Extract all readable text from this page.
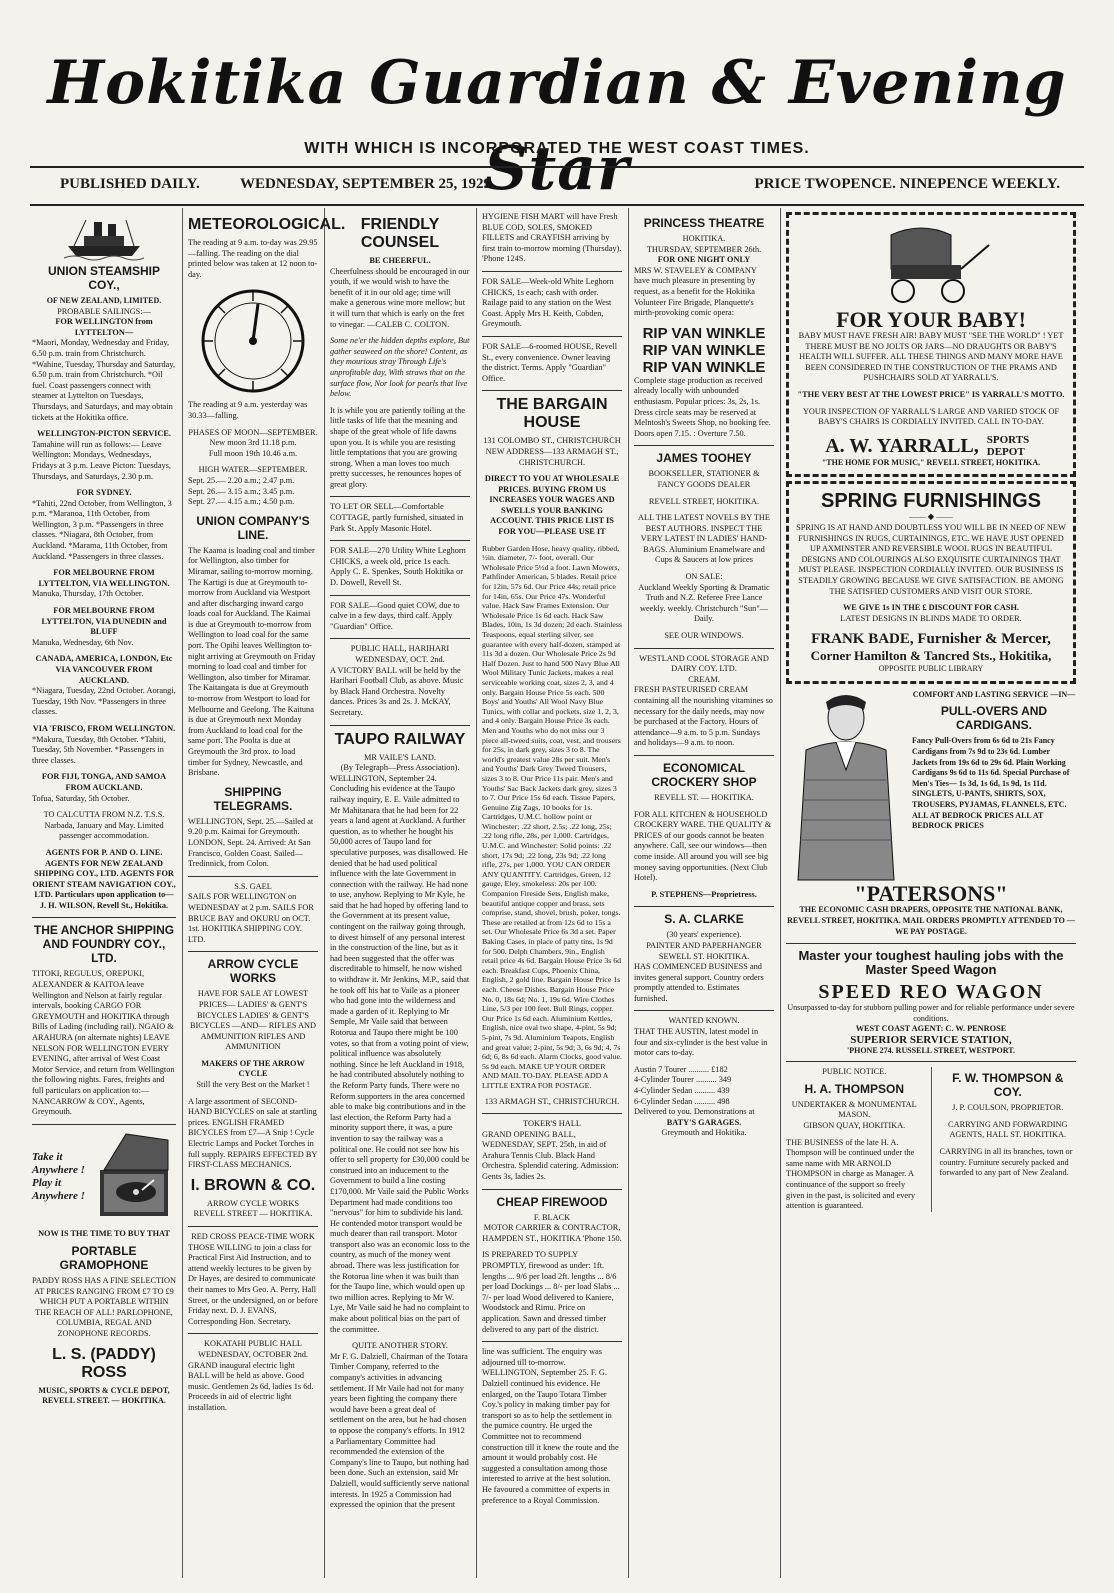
Hokitika Guardian & Evening Star
WITH WHICH IS INCORPORATED THE WEST COAST TIMES.
PUBLISHED DAILY.	WEDNESDAY, SEPTEMBER 25, 1929.	PRICE TWOPENCE. NINEPENCE WEEKLY.
UNION STEAMSHIP COY.,
OF NEW ZEALAND, LIMITED.
PROBABLE SAILINGS:—
FOR WELLINGTON from LYTTELTON—
*Maori, Monday, Wednesday and Friday, 6.50 p.m. train from Christchurch. *Wahine, Tuesday, Thursday and Saturday, 6.50 p.m. train from Christchurch. *Oil fuel. Coast passengers connect with steamer at Lyttelton on Tuesdays, Thursdays, and Saturdays, and may obtain tickets at the Hokitika office.
WELLINGTON-PICTON SERVICE.
Tamahine will run as follows:— Leave Wellington: Mondays, Wednesdays, Fridays at 3 p.m. Leave Picton: Tuesdays, Thursdays, and Saturdays, 2.30 p.m.
FOR SYDNEY.
*Tahiti, 22nd October, from Wellington, 3 p.m. *Maranoa, 11th October, from Wellington, 3 p.m. *Passengers in three classes. *Niagara, 8th October, from Auckland. *Marama, 11th October, from Auckland. *Passengers in three classes.
FOR MELBOURNE FROM LYTTELTON, VIA WELLINGTON.
Manuka, Thursday, 17th October.
FOR MELBOURNE FROM LYTTELTON, VIA DUNEDIN and BLUFF
Manuka, Wednesday, 6th Nov.
CANADA, AMERICA, LONDON, Etc VIA VANCOUVER FROM AUCKLAND.
*Niagara, Tuesday, 22nd October. Aorangi, Tuesday, 19th Nov. *Passengers in three classes.
VIA 'FRISCO, FROM WELLINGTON.
*Makura, Tuesday, 8th October. *Tahiti, Tuesday, 5th November. *Passengers in three classes.
FOR FIJI, TONGA, AND SAMOA FROM AUCKLAND.
Tofua, Saturday, 5th October.
TO CALCUTTA FROM N.Z. T.S.S. Narbada, January and May. Limited passenger accommodation.
AGENTS FOR P. AND O. LINE. AGENTS FOR NEW ZEALAND SHIPPING COY., LTD. AGENTS FOR ORIENT STEAM NAVIGATION COY., LTD. Particulars upon application to— J. H. WILSON, Revell St., Hokitika.
THE ANCHOR SHIPPING AND FOUNDRY COY., LTD.
TITOKI, REGULUS, OREPUKI, ALEXANDER & KAITOA leave Wellington and Nelson at fairly regular intervals, booking CARGO FOR GREYMOUTH and HOKITIKA through Bills of Lading (including rail). NGAIO & ARAHURA (on alternate nights) LEAVE NELSON FOR WELLINGTON EVERY EVENING, after arrival of West Coast Motor Service, and return from Wellington the following nights. Fares, freights and full particulars on application to:— NANCARROW & COY., Agents, Greymouth.
Take it Anywhere ! Play it Anywhere !
NOW IS THE TIME TO BUY THAT
PORTABLE GRAMOPHONE
PADDY ROSS HAS A FINE SELECTION AT PRICES RANGING FROM £7 TO £9 WHICH PUT A PORTABLE WITHIN THE REACH OF ALL! PARLOPHONE, COLUMBIA, REGAL AND ZONOPHONE RECORDS.
L. S. (PADDY) ROSS
MUSIC, SPORTS & CYCLE DEPOT, REVELL STREET. — HOKITIKA.
METEOROLOGICAL.
The reading at 9 a.m. to-day was 29.95—falling. The reading on the dial printed below was taken at 12 noon to-day.
The reading at 9 a.m. yesterday was 30.33—falling.
PHASES OF MOON—SEPTEMBER.
New moon 3rd 11.18 p.m.
Full moon 19th 10.46 a.m.
HIGH WATER—SEPTEMBER.
Sept. 25.— 2.20 a.m.; 2.47 p.m.
Sept. 26.— 3.15 a.m.; 3.45 p.m.
Sept. 27.— 4.15 a.m.; 4.50 p.m.
UNION COMPANY'S LINE.
The Kaama is loading coal and timber for Wellington, also timber for Miramar, sailing to-morrow morning. The Kartigi is due at Greymouth to-morrow from Auckland via Westport and after discharging inward cargo loads coal for Auckland. The Kaimai is due at Greymouth to-morrow from Wellington to load coal for the same port. The Opihi leaves Wellington to-night arriving at Greymouth on Friday morning to load coal and timber for Wellington, also timber for Miramar. The Kaitangata is due at Greymouth to-morrow from Westport to load for Melbourne and Geelong. The Kaituna is due at Greymouth next Monday from Auckland to load coal for the same port. The Poolta is due at Greymouth the 3rd prox. to load timber for Sydney, Newcastle, and Brisbane.
SHIPPING TELEGRAMS.
WELLINGTON, Sept. 25.—Sailed at 9.20 p.m. Kaimai for Greymouth. LONDON, Sept. 24. Arrived: At San Francisco, Golden Coast. Sailed—Tredinnick, from Colon.
S.S. GAEL
SAILS FOR WELLINGTON on WEDNESDAY at 2 p.m. SAILS FOR BRUCE BAY and OKURU on OCT. 1st. HOKITIKA SHIPPING COY. LTD.
ARROW CYCLE WORKS
HAVE FOR SALE AT LOWEST PRICES— LADIES' & GENT'S BICYCLES LADIES' & GENT'S BICYCLES —AND— RIFLES AND AMMUNITION RIFLES AND AMMUNITION
MAKERS OF THE ARROW CYCLE
Still the very Best on the Market !
A large assortment of SECOND-HAND BICYCLES on sale at startling prices. ENGLISH FRAMED BICYCLES from £7—A Snip ! Cycle Electric Lamps and Pocket Torches in full supply. REPAIRS EFFECTED BY FIRST-CLASS MECHANICS.
I. BROWN & CO.
ARROW CYCLE WORKS
REVELL STREET — HOKITIKA.
RED CROSS PEACE-TIME WORK
THOSE WILLING to join a class for Practical First Aid Instruction, and to attend weekly lectures to be given by Dr Hayes, are desired to communicate their names to Mrs Geo. A. Perry, Hall Street, or the undersigned, on or before Friday next. D. J. EVANS, Corresponding Hon. Secretary.
KOKATAHI PUBLIC HALL
WEDNESDAY, OCTOBER 2nd.
GRAND inaugural electric light BALL will be held as above. Good music. Gentlemen 2s 6d, ladies 1s 6d. Proceeds in aid of electric light installation.
FRIENDLY COUNSEL
BE CHEERFUL.
Cheerfulness should be encouraged in our youth, if we would wish to have the benefit of it in our old age; time will make a generous wine more mellow; but it will turn that which is early on the fret to vinegar. —CALEB C. COLTON.
Some ne'er the hidden depths explore, But gather seaweed on the shore! Content, as they mourious stray Through Life's unprofitable day, With straws that on the surface flow, Nor look for pearls that live below.
It is while you are patiently toiling at the little tasks of life that the meaning and shape of the great whole of life dawns upon you. It is while you are resisting little temptations that you are growing strong. When a man loves too much pretty successes, he renounces hopes of great glory.
TO LET OR SELL—Comfortable COTTAGE, partly furnished, situated in Park St. Apply Masonic Hotel.
FOR SALE—270 Utility White Leghorn CHICKS, a week old, price 1s each. Apply C. E. Spenkes, South Hokitika or D. Dowell, Revell St.
FOR SALE—Good quiet COW, due to calve in a few days, third calf. Apply "Guardian" Office.
PUBLIC HALL, HARIHARI
WEDNESDAY, OCT. 2nd.
A VICTORY BALL will be held by the Harihari Football Club, as above. Music by Black Hand Orchestra. Novelty dances. Prices 3s and 2s. J. McKAY, Secretary.
TAUPO RAILWAY
MR VAILE'S LAND.
(By Telegraph—Press Association).
WELLINGTON, September 24. Concluding his evidence at the Taupo railway inquiry, E. E. Vaile admitted to Mr Mahitanara that he had been for 22 years a land agent at Auckland. A further question, as to whether he bought his 50,000 acres of Taupo land for speculative purposes, was disallowed. He denied that he had used political influence with the late Government in connection with the railway. He had none to use, anyhow. Replying to Mr Kyle, he said that he had hoped by offering land to the Government at its present value, contingent on the railway going through, to divest himself of any personal interest in the construction of the line, but as it had been suggested that the offer was discreditable to himself, he now wished to withdraw it. Mr Jenkins, M.P., said that he took off his hat to Vaile as a pioneer who had gone into the wilderness and made a garden of it. Replying to Mr Semple, Mr Vaile said that between Rotorua and Taupo there might be 100 votes, so that from a voting point of view, political influence was absolutely nothing. Since he left Auckland in 1918, he had contributed absolutely nothing to the Reform Party funds. There were no Reform supporters in the area concerned able to make big contributions and in the last election, the Reform Party had a minority support there, it was, a pure invention to say the railway was a political one. He could not see how his offer to sell property for £30,000 could be construed into an inducement to the Government to build a line costing £170,000. Mr Vaile said the Public Works Department had made conditions too "nervous" for him to subdivide his land. He contended motor transport would be much dearer than rail transport. Motor transport also was an economic loss to the country, as much of the money went abroad. There was less justification for the Rotorua line when it was built than for the Taupo line, which would open up two million acres. Replying to Mr W. Lye, Mr Vaile said he had no complaint to make about political bias on the part of the committee.
QUITE ANOTHER STORY.
Mr F. G. Dalziell, Chairman of the Totara Timber Company, referred to the company's activities in advancing settlement. If Mr Vaile had not for many years been fighting the company there would have been a great deal of settlement on the area, but he had chosen to oppose the company's efforts. In 1912 a Parliamentary Committee had recommended the extension of the Company's line to Taupo, but nothing had been done. Such an extension, said Mr Dalziell, would sufficiently serve national interests. In 1925 a Commission had expressed the opinion that the present
HYGIENE FISH MART will have Fresh BLUE COD, SOLES, SMOKED FILLETS and CRAYFISH arriving by first train to-morrow morning (Thursday). 'Phone 124S.
FOR SALE—Week-old White Leghorn CHICKS, 1s each; cash with order. Railage paid to any station on the West Coast. Apply Mrs H. Keith, Cobden, Greymouth.
FOR SALE—6-roomed HOUSE, Revell St., every convenience. Owner leaving the district. Terms. Apply "Guardian" Office.
THE BARGAIN HOUSE
131 COLOMBO ST., CHRISTCHURCH NEW ADDRESS—133 ARMAGH ST., CHRISTCHURCH.
DIRECT TO YOU AT WHOLESALE PRICES. BUYING FROM US INCREASES YOUR WAGES AND SWELLS YOUR BANKING ACCOUNT. THIS PRICE LIST IS FOR YOU—PLEASE USE IT
Rubber Garden Hose, heavy quality, ribbed, ½in. diameter, 7/- foot, overall. Our Wholesale Price 5½d a foot. Lawn Mowers, Pathfinder American, 5 blades. Retail price for 12in, 57s 6d. Our Price 44s; retail price for 14in, 65s. Our Price 47s. Wonderful value. Hack Saw Frames Extension. Our Wholesale Price 1s 6d each. Hack Saw Blades, 10in, 1s 3d dozen; 2d each. Stainless Teaspoons, equal sterling silver, see guarantee with every half-dozen, stamped at 11s 3d a dozen. Our Wholesale Price 2s 9d Half Dozen. Just to hand 500 Navy Blue All Wool Military Tunic Jackets, makes a real serviceable working coat, sizes 2, 3, and 4 only. Bargain House Price 5s each. 500 Boys' and Youths' All Wool Navy Blue Tunics, with collar and pockets, size 1, 2, 3, and 4 only. Bargain House Price 3s each. Men and Youths who do not miss our 3 piece all-tweed suits, coat, vest, and trousers for 25s, in dark grey, sizes 3 to 8. The world's greatest value 28s per suit. Men's and Youths' Dark Grey Tweed Trousers, sizes 3 to 8. Our Price 11s pair. Men's and Youths' Sac Back Jackets dark grey, sizes 3 to 7. Our Price 15s 6d each. Tissue Papers, Genuine Zig Zags, 10 books for 1s. Cartridges, U.M.C. hollow point or Winchester; .22 short, 2.5s; .22 long, 25s; .22 long rifle, 28s, per 1,000. Cartridges, U.M.C. and Winchester: Solid points: .22 short, 17s 9d; .22 long, 23s 9d; .22 long rifle, 27s, per 1,000. YOU CAN ORDER ANY QUANTITY. Cartridges, Green, 12 gauge, Eley, smokeless: 20s per 100. Companion Fireside Sets, English make, beautiful antique copper and brass, sets comprise, stand, shovel, brush, poker, tongs. These are retailed at from 12s 6d to 15s a set. Our Wholesale Price 6s 3d a set. Paper Baking Cases, in place of patty tins, 1s 9d for 500. Delph Chambers, 9in., English retail price 4s 6d. Bargain House Price 3s 6d each. Breakfast Cups, Phoenix China, English, 2 gold line. Bargain House Price 1s each. Cheese Dishes. Bargain House Price No. 0, 18s 6d; No. 1, 19s 6d. Wire Clothes Line, 5/3 per 100 feet. Bull Rings, copper. Our Price 1s 6d each. Aluminium Kettles, English, nice oval two shape, 4-pint, 5s 9d; 5-pint, 7s 9d. Aluminium Teapots, English and great value; 2-pint, 5s 9d; 3, 6s 9d; 4, 7s 6d; 6, 8s 6d each. Alarm Clocks, good value. 5s 9d each. MAKE UP YOUR ORDER AND MAIL TO-DAY. PLEASE ADD A LITTLE EXTRA FOR POSTAGE.
133 ARMAGH ST., CHRISTCHURCH.
TOKER'S HALL
GRAND OPENING BALL, WEDNESDAY, SEPT. 25th, in aid of Arahura Tennis Club. Black Hand Orchestra. Splendid catering. Admission: Gents 3s, ladies 2s.
CHEAP FIREWOOD
F. BLACK
MOTOR CARRIER & CONTRACTOR, HAMPDEN ST., HOKITIKA 'Phone 150.
IS PREPARED TO SUPPLY PROMPTLY, firewood as under: 1ft. lengths ... 9/6 per load 2ft. lengths ... 8/6 per load Dockings ... 8/- per load Slabs ... 7/- per load Wood delivered to Kaniere, Woodstock and Rimu. Price on application. Sawn and dressed timber delivered to any part of the district.
line was sufficient. The enquiry was adjourned till to-morrow. WELLINGTON, September 25. F. G. Dalziell continued his evidence. He enlarged, on the Taupo Totara Timber Coy.'s policy in making timber pay for transport so as to help the settlement in the pumice country. He urged the Committee not to recommend construction till it knew the route and the amount it would probably cost. He suggested a consultation among those interested to arrive at the best solution. He favoured a committee of experts in preference to a Royal Commission.
PRINCESS THEATRE
HOKITIKA.
THURSDAY, SEPTEMBER 26th.
FOR ONE NIGHT ONLY
MRS W. STAVELEY & COMPANY have much pleasure in presenting by request, as a benefit for the Hokitika Volunteer Fire Brigade, Planquette's mirth-provoking comic opera:
RIP VAN WINKLE
RIP VAN WINKLE
RIP VAN WINKLE
Complete stage production as received already locally with unbounded enthusiasm. Popular prices: 3s, 2s, 1s. Dress circle seats may be reserved at Melntosh's Sweets Shop, no booking fee. Doors open 7.15. : Overture 7.50.
JAMES TOOHEY
BOOKSELLER, STATIONER & FANCY GOODS DEALER
REVELL STREET, HOKITIKA.
ALL THE LATEST NOVELS BY THE BEST AUTHORS. INSPECT THE VERY LATEST IN LADIES' HAND-BAGS. Aluminium Enamelware and Cups & Saucers at low prices
ON SALE:
Auckland Weekly Sporting & Dramatic Truth and N.Z. Referee Free Lance weekly. weekly. Christchurch "Sun"—Daily.
SEE OUR WINDOWS.
WESTLAND COOL STORAGE AND DAIRY COY. LTD.
CREAM.
FRESH PASTEURISED CREAM containing all the nourishing vitamines so necessary for the daily needs, may now be purchased at the Factory. Hours of attendance—9 a.m. to 5 p.m. Sundays and holidays—9 a.m. to noon.
ECONOMICAL CROCKERY SHOP
REVELL ST. — HOKITIKA.
FOR ALL KITCHEN & HOUSEHOLD CROCKERY WARE. THE QUALITY & PRICES of our goods cannot be beaten anywhere. Call, see our windows—then come inside. All around you will see big money saving opportunities. (Next Club Hotel).
P. STEPHENS—Proprietress.
S. A. CLARKE
(30 years' experience).
PAINTER AND PAPERHANGER
SEWELL ST. HOKITIKA.
HAS COMMENCED BUSINESS and invites general support. Country orders promptly attended to. Estimates furnished.
WANTED KNOWN.
THAT THE AUSTIN, latest model in four and six-cylinder is the best value in motor cars to-day.
Austin 7 Tourer .......... £182
4-Cylinder Tourer .......... 349
4-Cylinder Sedan .......... 439
6-Cylinder Sedan .......... 498
Delivered to you. Demonstrations at
BATY'S GARAGES.
Greymouth and Hokitika.
FOR YOUR BABY!
BABY MUST HAVE FRESH AIR! BABY MUST "SEE THE WORLD" ! YET THERE MUST BE NO JOLTS OR JARS—NO DRAUGHTS OR BABY'S HEALTH WILL SUFFER. ALL THESE THINGS AND MANY MORE HAVE BEEN CONSIDERED IN THE CONSTRUCTION OF THE PRAMS AND PUSHCHAIRS SOLD AT YARRALL'S.
"THE VERY BEST AT THE LOWEST PRICE" IS YARRALL'S MOTTO.
YOUR INSPECTION OF YARRALL'S LARGE AND VARIED STOCK OF BABY'S CHAIRS IS CORDIALLY INVITED. CALL IN TO-DAY.
A. W. YARRALL, SPORTS DEPOT
"THE HOME FOR MUSIC," REVELL STREET, HOKITIKA.
SPRING FURNISHINGS
—— ◆ ——
SPRING IS AT HAND AND DOUBTLESS YOU WILL BE IN NEED OF NEW FURNISHINGS IN RUGS, CURTAININGS, ETC. WE HAVE JUST OPENED UP AXMINSTER AND REVERSIBLE WOOL RUGS IN BEAUTIFUL DESIGNS AND COLOURINGS ALSO EXQUISITE CURTAININGS THAT MUST PLEASE. INSPECTION CORDIALLY INVITED. OUR BUSINESS IS STEADILY GROWING BECAUSE WE GIVE SATISFACTION. BE AMONG THE SATISFIED CUSTOMERS AND VISIT OUR STORE.
WE GIVE 1s IN THE £ DISCOUNT FOR CASH.
LATEST DESIGNS IN BLINDS MADE TO ORDER.
FRANK BADE, Furnisher & Mercer,
Corner Hamilton & Tancred Sts., Hokitika,
OPPOSITE PUBLIC LIBRARY
COMFORT AND LASTING SERVICE —IN—
PULL-OVERS AND CARDIGANS.
Fancy Pull-Overs from 6s 6d to 21s Fancy Cardigans from 7s 9d to 23s 6d. Lumber Jackets from 19s 6d to 29s 6d. Plain Working Cardigans 9s 6d to 11s 6d. Special Purchase of Men's Ties— 1s 3d, 1s 6d, 1s 9d, 1s 11d. SINGLETS, U-PANTS, SHIRTS, SOX, TROUSERS, PYJAMAS, FLANNELS, ETC. ALL AT BEDROCK PRICES ALL AT BEDROCK PRICES
"PATERSONS"
THE ECONOMIC CASH DRAPERS, OPPOSITE THE NATIONAL BANK, REVELL STREET, HOKITIKA. MAIL ORDERS PROMPTLY ATTENDED TO — WE PAY POSTAGE.
Master your toughest hauling jobs with the Master Speed Wagon
SPEED REO WAGON
Unsurpassed to-day for stubborn pulling power and for reliable performance under severe conditions.
WEST COAST AGENT: C. W. PENROSE
SUPERIOR SERVICE STATION,
'PHONE 274. RUSSELL STREET, WESTPORT.
PUBLIC NOTICE.
H. A. THOMPSON
UNDERTAKER & MONUMENTAL MASON.
GIBSON QUAY, HOKITIKA.
THE BUSINESS of the late H. A. Thompson will be continued under the same name with MR ARNOLD THOMPSON in charge as Manager. A continuance of the support so freely given in the past, is solicited and every attention is guaranteed.
F. W. THOMPSON & COY.
J. P. COULSON, PROPRIETOR.
CARRYING AND FORWARDING
AGENTS, HALL ST. HOKITIKA.
CARRYING in all its branches, town or country. Furniture securely packed and forwarded to any part of New Zealand.
